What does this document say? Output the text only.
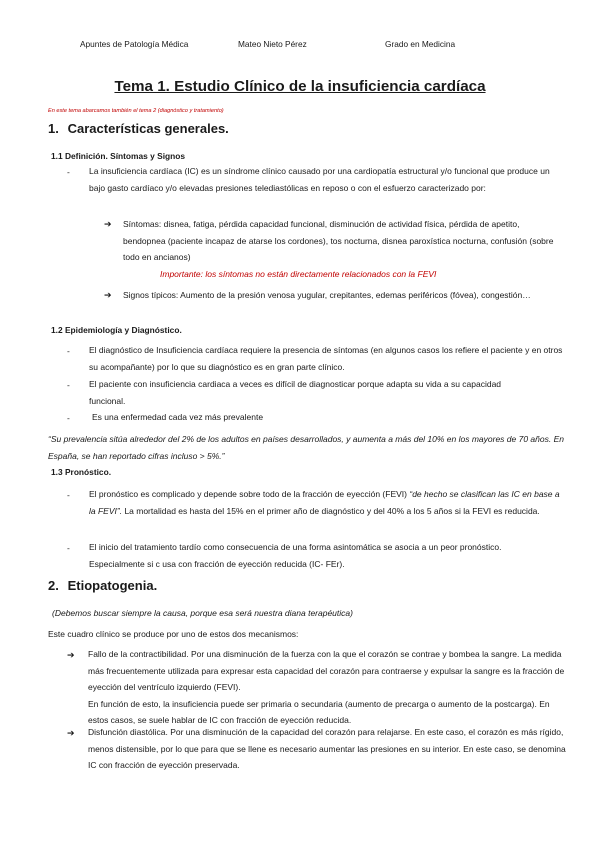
Apuntes de Patología Médica	Mateo Nieto Pérez	Grado en Medicina
Tema 1. Estudio Clínico de la insuficiencia cardíaca
En este tema abarcamos también el tema 2 (diagnóstico y tratamiento)
1. Características generales.
1.1 Definición. Síntomas y Signos
- La insuficiencia cardíaca (IC) es un síndrome clínico causado por una cardiopatía estructural y/o funcional que produce un bajo gasto cardíaco y/o elevadas presiones telediastólicas en reposo o con el esfuerzo caracterizado por:
➔ Síntomas: disnea, fatiga, pérdida capacidad funcional, disminución de actividad física, pérdida de apetito, bendopnea (paciente incapaz de atarse los cordones), tos nocturna, disnea paroxística nocturna, confusión (sobre todo en ancianos)
Importante: los síntomas no están directamente relacionados con la FEVI
➔ Signos típicos: Aumento de la presión venosa yugular, crepitantes, edemas periféricos (fóvea), congestión…
1.2 Epidemiología y Diagnóstico.
- El diagnóstico de Insuficiencia cardíaca requiere la presencia de síntomas (en algunos casos los refiere el paciente y en otros su acompañante) por lo que su diagnóstico es en gran parte clínico.
- El paciente con insuficiencia cardiaca a veces es difícil de diagnosticar porque adapta su vida a su capacidad funcional.
-	Es una enfermedad cada vez más prevalente
“Su prevalencia sitúa alrededor del 2% de los adultos en países desarrollados, y aumenta a más del 10% en los mayores de 70 años. En España, se han reportado cifras incluso > 5%.”
1.3 Pronóstico.
- El pronóstico es complicado y depende sobre todo de la fracción de eyección (FEVI) “de hecho se clasifican las IC en base a la FEVI”. La mortalidad es hasta del 15% en el primer año de diagnóstico y del 40% a los 5 años si la FEVI es reducida.
- El inicio del tratamiento tardío como consecuencia de una forma asintomática se asocia a un peor pronóstico. Especialmente si c usa con fracción de eyección reducida (IC- FEr).
2. Etiopatogenia.
(Debemos buscar siempre la causa, porque esa será nuestra diana terapéutica)
Este cuadro clínico se produce por uno de estos dos mecanismos:
➔ Fallo de la contractibilidad. Por una disminución de la fuerza con la que el corazón se contrae y bombea la sangre. La medida más frecuentemente utilizada para expresar esta capacidad del corazón para contraerse y expulsar la sangre es la fracción de eyección del ventrículo izquierdo (FEVI).
En función de esto, la insuficiencia puede ser primaria o secundaria (aumento de precarga o aumento de la postcarga). En estos casos, se suele hablar de IC con fracción de eyección reducida.
➔ Disfunción diastólica. Por una disminución de la capacidad del corazón para relajarse. En este caso, el corazón es más rígido, menos distensible, por lo que para que se llene es necesario aumentar las presiones en su interior. En este caso, se denomina IC con fracción de eyección preservada.
